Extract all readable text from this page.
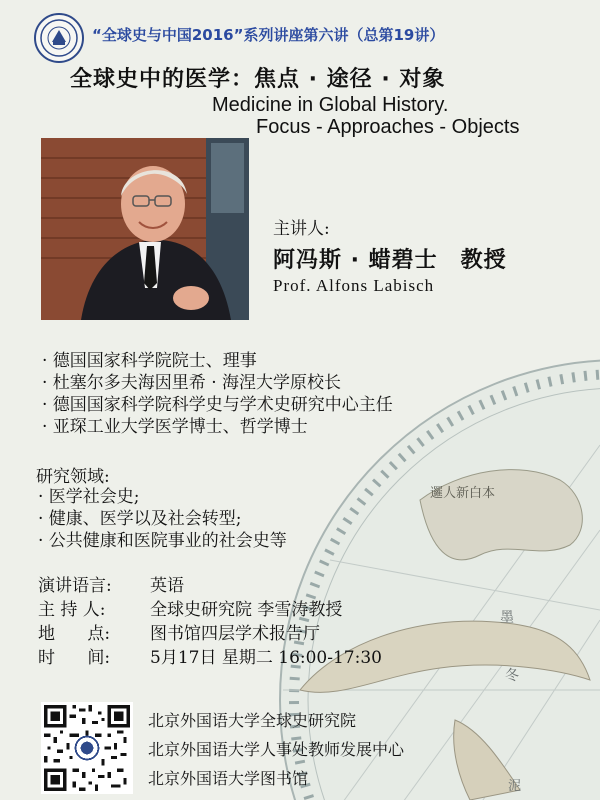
邏人新白本
墨
冬
泥
“全球史与中国2016”系列讲座第六讲（总第19讲）
全球史中的医学：焦点 · 途径 · 对象
Medicine in Global History.
Focus - Approaches - Objects
主讲人:
阿冯斯 · 蜡碧士　教授
Prof. Alfons Labisch
· 德国国家科学院院士、理事
· 杜塞尔多夫海因里希 · 海涅大学原校长
· 德国国家科学院科学史与学术史研究中心主任
· 亚琛工业大学医学博士、哲学博士
研究领域:
· 医学社会史;
· 健康、医学以及社会转型;
· 公共健康和医院事业的社会史等
演讲语言:	英语
主 持 人:	全球史研究院 李雪涛教授
地      点:	图书馆四层学术报告厅
时      间:	5月17日 星期二 16:00-17:30
北京外国语大学全球史研究院
北京外国语大学人事处教师发展中心
北京外国语大学图书馆
